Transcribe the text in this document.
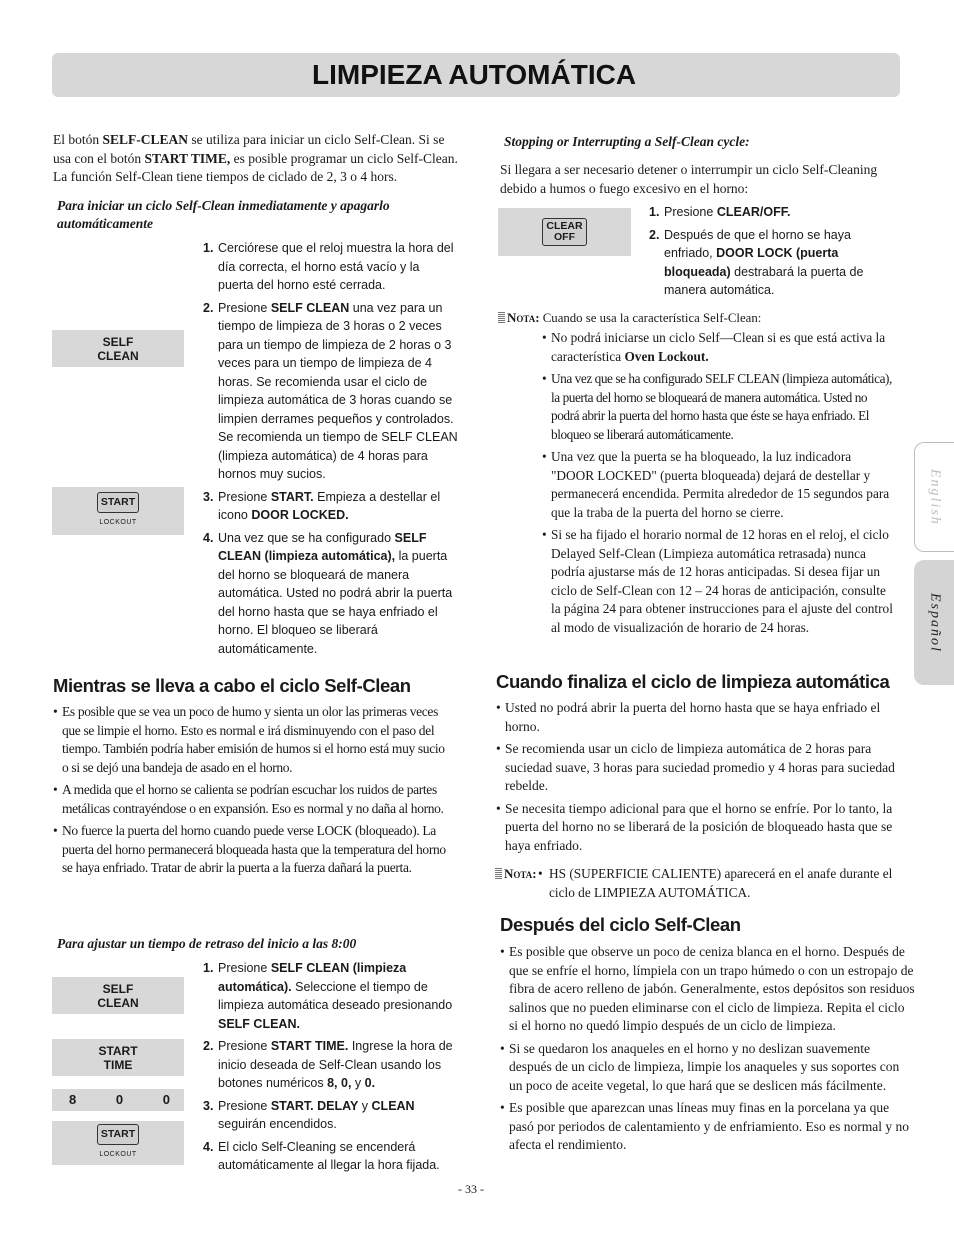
LIMPIEZA AUTOMÁTICA
El botón SELF-CLEAN se utiliza para iniciar un ciclo Self-Clean. Si se usa con el botón START TIME, es posible programar un ciclo Self-Clean. La función Self-Clean tiene tiempos de ciclado de 2, 3 o 4 hors.
Para iniciar un ciclo Self-Clean inmediatamente y apagarlo automáticamente
SELF
CLEAN
START
LOCKOUT
1. Cerciórese que el reloj muestra la hora del día correcta, el horno está vacío y la puerta del horno esté cerrada.
2. Presione SELF CLEAN una vez para un tiempo de limpieza de 3 horas o 2 veces para un tiempo de limpieza de 2 horas o 3 veces para un tiempo de limpieza de 4 horas. Se recomienda usar el ciclo de limpieza automática de 3 horas cuando se limpien derrames pequeños y controlados. Se recomienda un tiempo de SELF CLEAN (limpieza automática) de 4 horas para hornos muy sucios.
3. Presione START. Empieza a destellar el icono DOOR LOCKED.
4. Una vez que se ha configurado SELF CLEAN (limpieza automática), la puerta del horno se bloqueará de manera automática. Usted no podrá abrir la puerta del horno hasta que se haya enfriado el horno. El bloqueo se liberará automáticamente.
Mientras se lleva a cabo el ciclo Self-Clean
• Es posible que se vea un poco de humo y sienta un olor las primeras veces que se limpie el horno. Esto es normal e irá disminuyendo con el paso del tiempo. También podría haber emisión de humos si el horno está muy sucio o si se dejó una bandeja de asado en el horno.
• A medida que el horno se calienta se podrían escuchar los ruidos de partes metálicas contrayéndose o en expansión. Eso es normal y no daña al horno.
• No fuerce la puerta del horno cuando puede verse LOCK (bloqueado). La puerta del horno permanecerá bloqueada hasta que la temperatura del horno se haya enfriado. Tratar de abrir la puerta a la fuerza dañará la puerta.
Para ajustar un tiempo de retraso del inicio a las 8:00
SELF
CLEAN
START
TIME
8	0	0
START
LOCKOUT
1. Presione SELF CLEAN (limpieza automática). Seleccione el tiempo de limpieza automática deseado presionando SELF CLEAN.
2. Presione START TIME. Ingrese la hora de inicio deseada de Self-Clean usando los botones numéricos 8, 0, y 0.
3. Presione START. DELAY y CLEAN seguirán encendidos.
4. El ciclo Self-Cleaning se encenderá automáticamente al llegar la hora fijada.
Stopping or Interrupting a Self-Clean cycle:
Si llegara a ser necesario detener o interrumpir un ciclo Self-Cleaning debido a humos o fuego excesivo en el horno:
CLEAR
OFF
1. Presione CLEAR/OFF.
2. Después de que el horno se haya enfriado, DOOR LOCK (puerta bloqueada) destrabará la puerta de manera automática.
Nota: Cuando se usa la característica Self-Clean:
• No podrá iniciarse un ciclo Self—Clean si es que está activa la característica Oven Lockout.
• Una vez que se ha configurado SELF CLEAN (limpieza automática), la puerta del horno se bloqueará de manera automática. Usted no podrá abrir la puerta del horno hasta que éste se haya enfriado. El bloqueo se liberará automáticamente.
• Una vez que la puerta se ha bloqueado, la luz indicadora "DOOR LOCKED" (puerta bloqueada) dejará de destellar y permanecerá encendida. Permita alrededor de 15 segundos para que la traba de la puerta del horno se cierre.
• Si se ha fijado el horario normal de 12 horas en el reloj, el ciclo Delayed Self-Clean (Limpieza automática retrasada) nunca podría ajustarse más de 12 horas anticipadas. Si desea fijar un ciclo de Self-Clean con 12 – 24 horas de anticipación, consulte la página 24 para obtener instrucciones para el ajuste del control al modo de visualización de horario de 24 horas.
Cuando finaliza el ciclo de limpieza automática
• Usted no podrá abrir la puerta del horno hasta que se haya enfriado el horno.
• Se recomienda usar un ciclo de limpieza automática de 2 horas para suciedad suave, 3 horas para suciedad promedio y 4 horas para suciedad rebelde.
• Se necesita tiempo adicional para que el horno se enfríe. Por lo tanto, la puerta del horno no se liberará de la posición de bloqueado hasta que se haya enfriado.
Nota: • HS (SUPERFICIE CALIENTE) aparecerá en el anafe durante el ciclo de LIMPIEZA AUTOMÁTICA.
Después del ciclo Self-Clean
• Es posible que observe un poco de ceniza blanca en el horno. Después de que se enfríe el horno, límpiela con un trapo húmedo o con un estropajo de fibra de acero relleno de jabón. Generalmente, estos depósitos son residuos salinos que no pueden eliminarse con el ciclo de limpieza. Repita el ciclo si el horno no quedó limpio después de un ciclo de limpieza.
• Si se quedaron los anaqueles en el horno y no deslizan suavemente después de un ciclo de limpieza, limpie los anaqueles y sus soportes con un poco de aceite vegetal, lo que hará que se deslicen más fácilmente.
• Es posible que aparezcan unas líneas muy finas en la porcelana ya que pasó por periodos de calentamiento y de enfriamiento. Eso es normal y no afecta el rendimiento.
- 33 -
English
Español
